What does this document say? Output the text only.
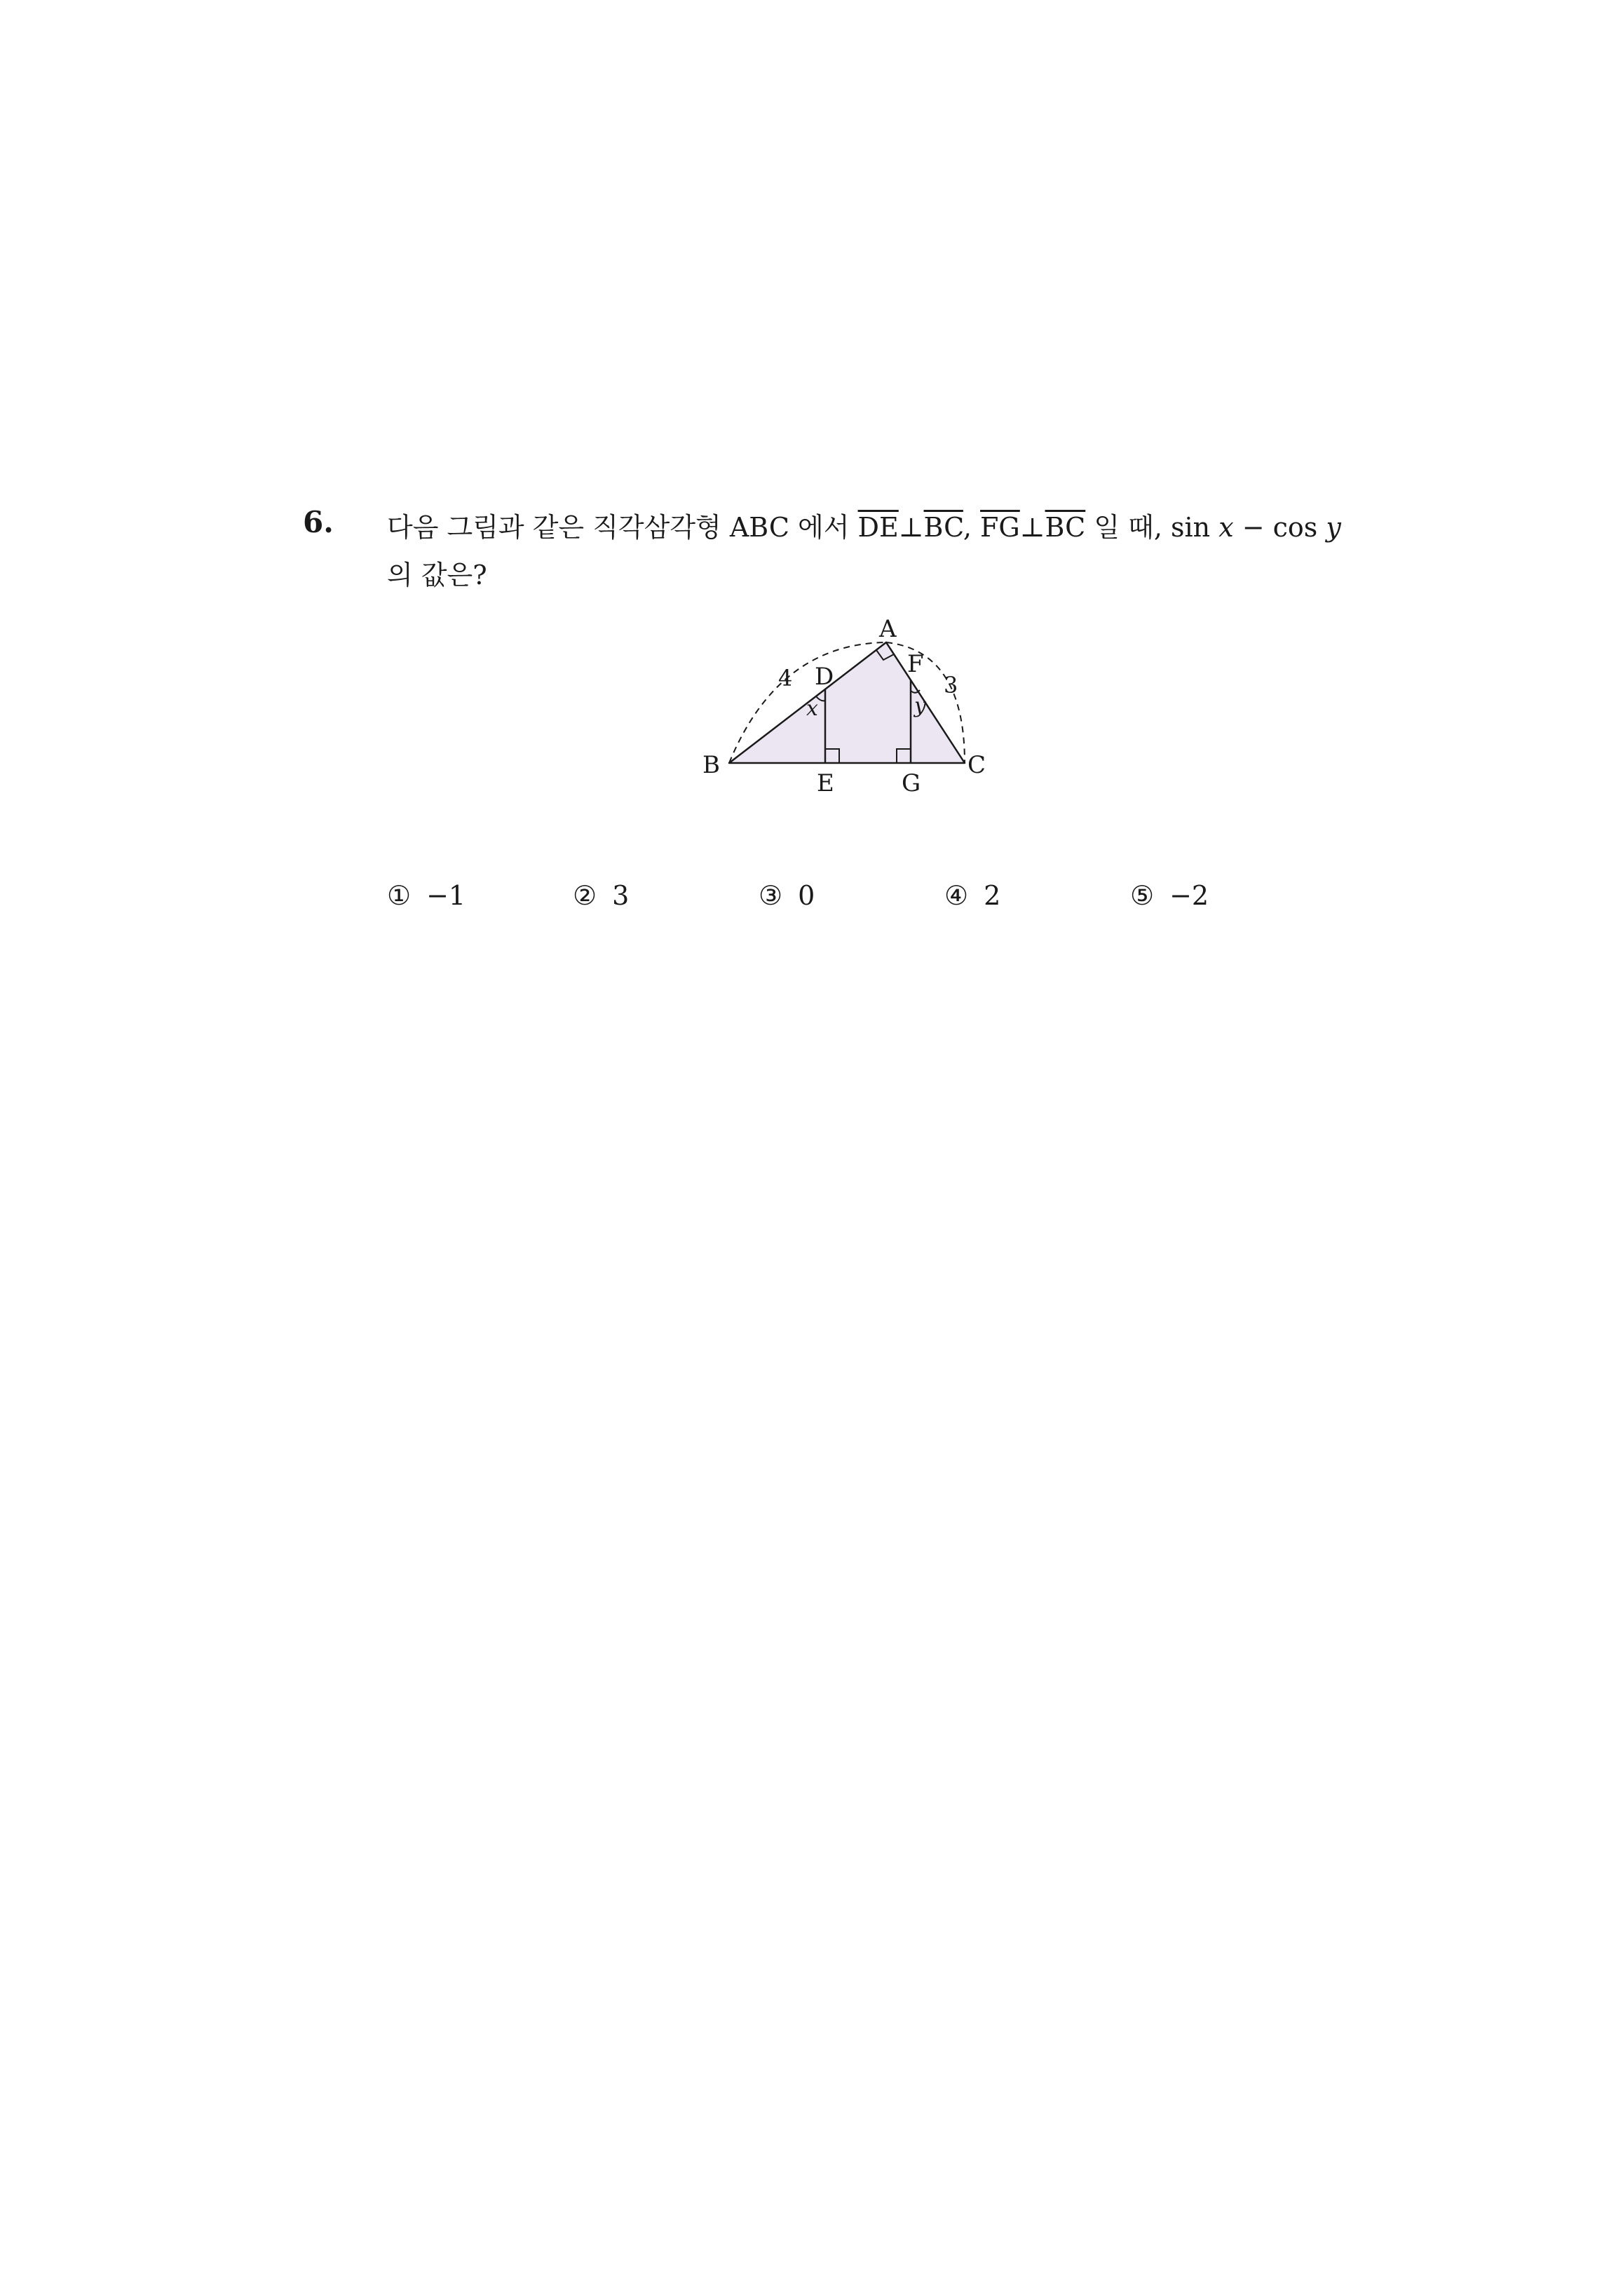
6. 다음 그림과 같은 직각삼각형 ABC 에서 $\overline{DE}\perp\overline{BC}$, $\overline{FG}\perp\overline{BC}$ 일 때, sin x − cos y
의 값은?
A
B	C
D
E
F
G
4	3
x	y
① −1	② 3	③ 0	④ 2	⑤ −2
